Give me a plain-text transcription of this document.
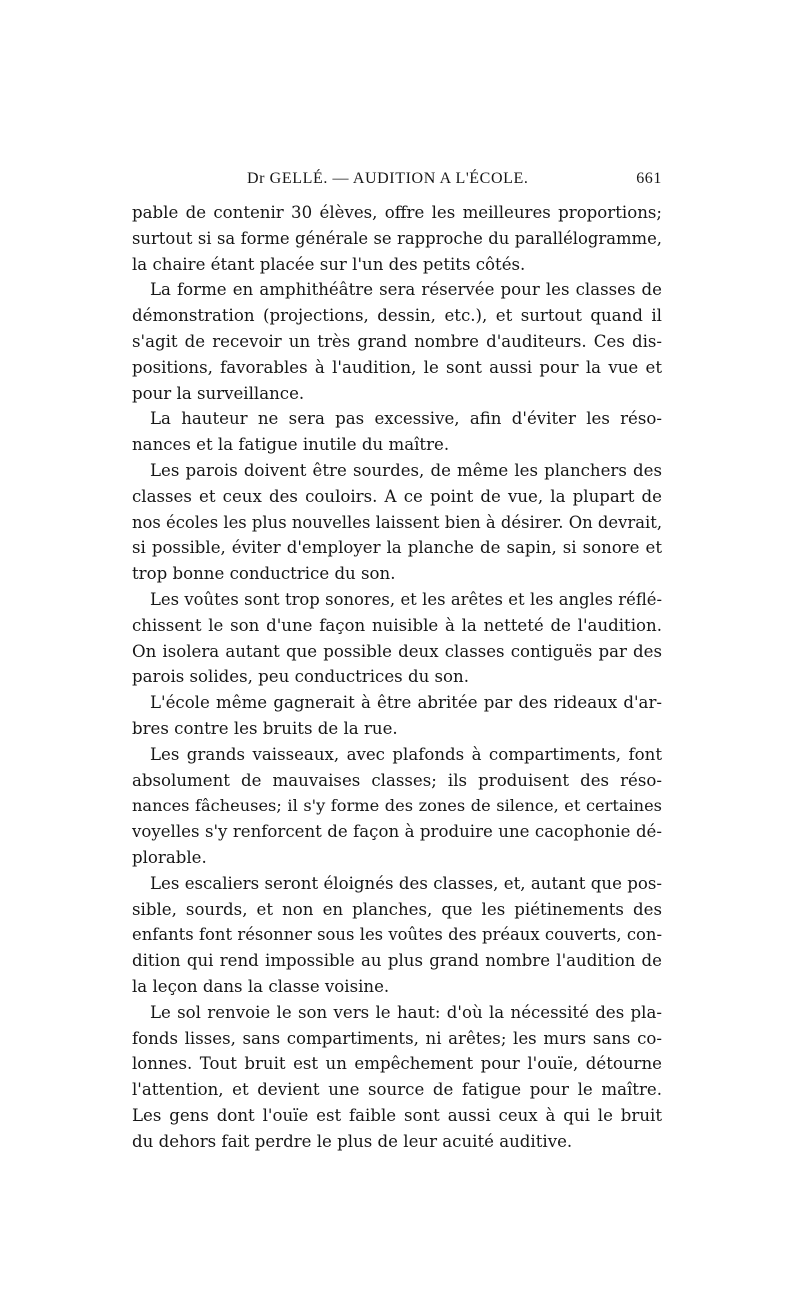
Dr GELLÉ. — AUDITION A L'ÉCOLE.	661
pable de contenir 30 élèves, offre les meilleures proportions;
surtout si sa forme générale se rapproche du parallélogramme,
la chaire étant placée sur l'un des petits côtés.
La forme en amphithéâtre sera réservée pour les classes de
démonstration (projections, dessin, etc.), et surtout quand il
s'agit de recevoir un très grand nombre d'auditeurs. Ces dis-
positions, favorables à l'audition, le sont aussi pour la vue et
pour la surveillance.
La hauteur ne sera pas excessive, afin d'éviter les réso-
nances et la fatigue inutile du maître.
Les parois doivent être sourdes, de même les planchers des
classes et ceux des couloirs. A ce point de vue, la plupart de
nos écoles les plus nouvelles laissent bien à désirer. On devrait,
si possible, éviter d'employer la planche de sapin, si sonore et
trop bonne conductrice du son.
Les voûtes sont trop sonores, et les arêtes et les angles réflé-
chissent le son d'une façon nuisible à la netteté de l'audition.
On isolera autant que possible deux classes contiguës par des
parois solides, peu conductrices du son.
L'école même gagnerait à être abritée par des rideaux d'ar-
bres contre les bruits de la rue.
Les grands vaisseaux, avec plafonds à compartiments, font
absolument de mauvaises classes; ils produisent des réso-
nances fâcheuses; il s'y forme des zones de silence, et certaines
voyelles s'y renforcent de façon à produire une cacophonie dé-
plorable.
Les escaliers seront éloignés des classes, et, autant que pos-
sible, sourds, et non en planches, que les piétinements des
enfants font résonner sous les voûtes des préaux couverts, con-
dition qui rend impossible au plus grand nombre l'audition de
la leçon dans la classe voisine.
Le sol renvoie le son vers le haut: d'où la nécessité des pla-
fonds lisses, sans compartiments, ni arêtes; les murs sans co-
lonnes. Tout bruit est un empêchement pour l'ouïe, détourne
l'attention, et devient une source de fatigue pour le maître.
Les gens dont l'ouïe est faible sont aussi ceux à qui le bruit
du dehors fait perdre le plus de leur acuité auditive.
